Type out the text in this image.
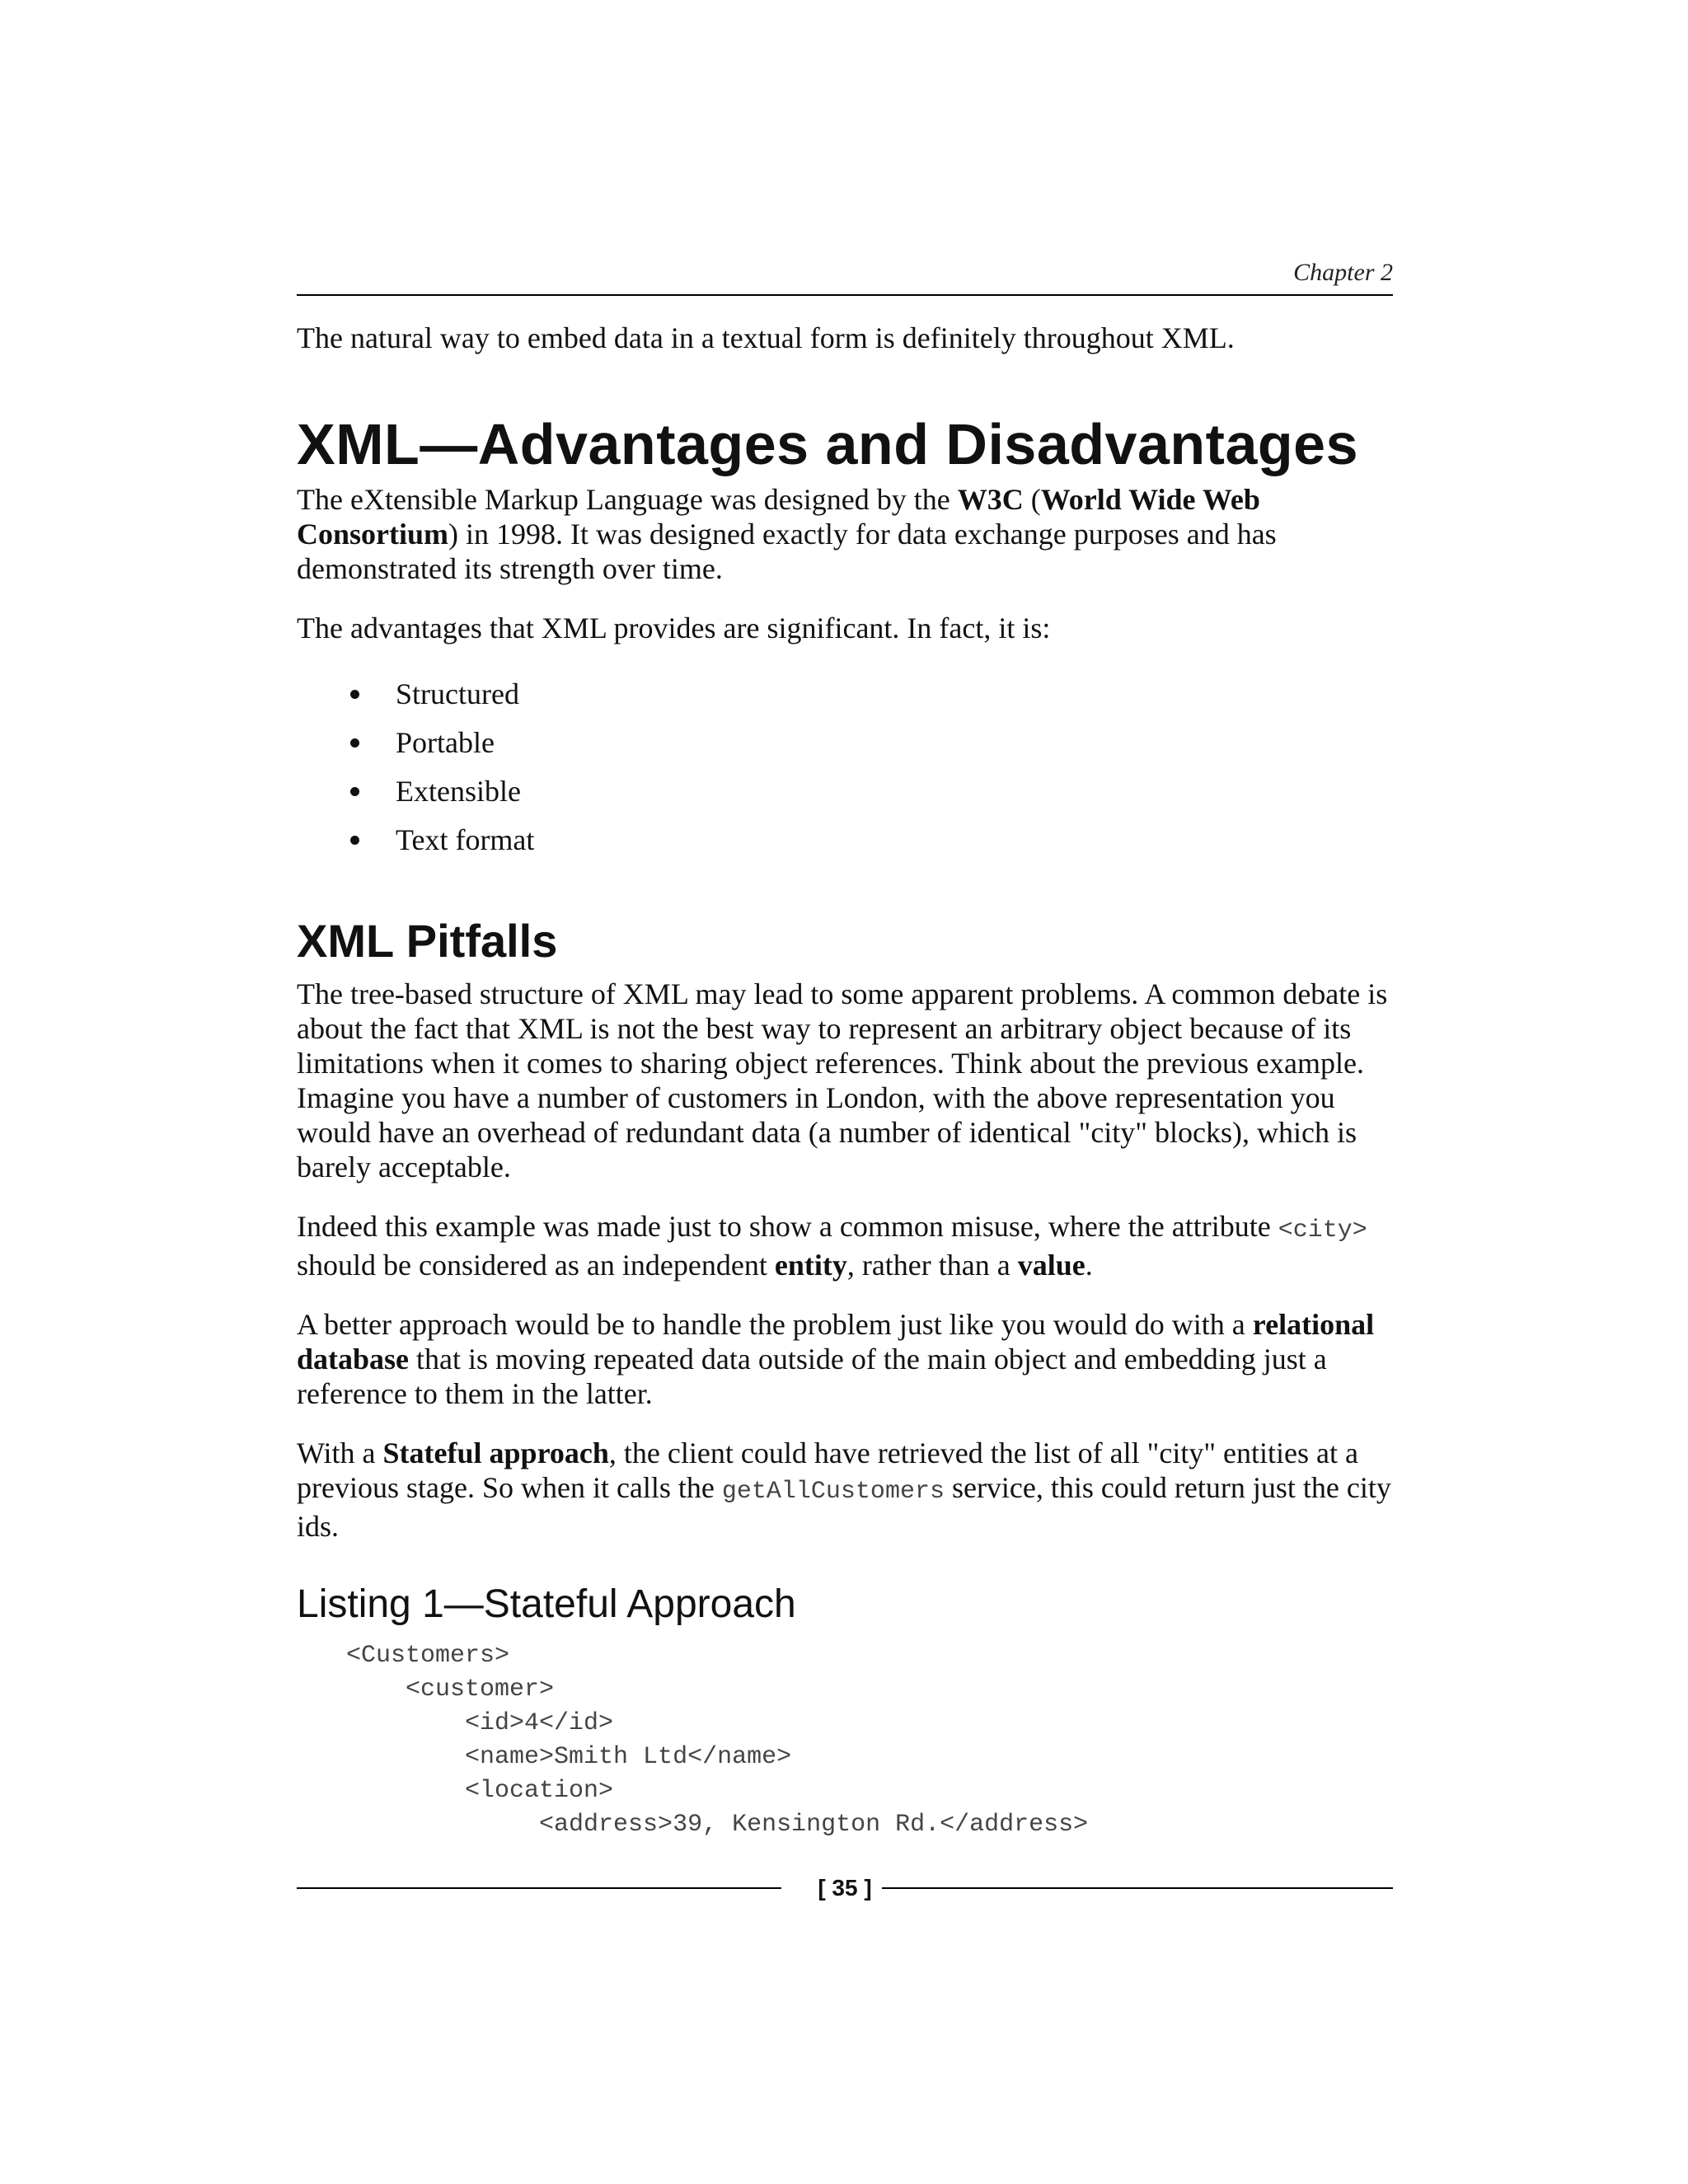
Chapter 2

The natural way to embed data in a textual form is definitely throughout XML.

XML—Advantages and Disadvantages

The eXtensible Markup Language was designed by the W3C (World Wide Web Consortium) in 1998. It was designed exactly for data exchange purposes and has demonstrated its strength over time.

The advantages that XML provides are significant. In fact, it is:

Structured
Portable
Extensible
Text format
XML Pitfalls

The tree-based structure of XML may lead to some apparent problems. A common debate is about the fact that XML is not the best way to represent an arbitrary object because of its limitations when it comes to sharing object references. Think about the previous example. Imagine you have a number of customers in London, with the above representation you would have an overhead of redundant data (a number of identical "city" blocks), which is barely acceptable.

Indeed this example was made just to show a common misuse, where the attribute <city> should be considered as an independent entity, rather than a value.

A better approach would be to handle the problem just like you would do with a relational database that is moving repeated data outside of the main object and embedding just a reference to them in the latter.

With a Stateful approach, the client could have retrieved the list of all "city" entities at a previous stage. So when it calls the getAllCustomers service, this could return just the city ids.

Listing 1—Stateful Approach
<Customers>
<customer>
<id>4</id>
<name>Smith Ltd</name>
<location>
<address>39, Kensington Rd.</address>
[ 35 ]
